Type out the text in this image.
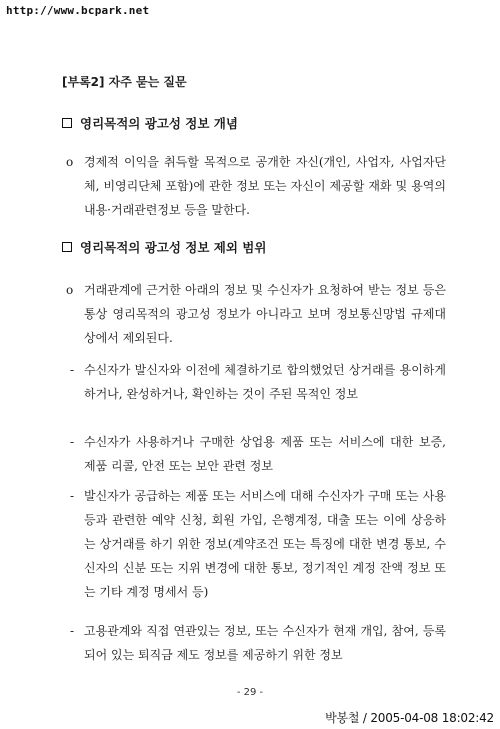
http://www.bcpark.net
[부록2] 자주 묻는 질문
영리목적의 광고성 정보 개념
o 경제적 이익을 취득할 목적으로 공개한 자신(개인, 사업자, 사업자단체, 비영리단체 포함)에 관한 정보 또는 자신이 제공할 재화 및 용역의 내용·거래관련정보 등을 말한다.
영리목적의 광고성 정보 제외 범위
o 거래관계에 근거한 아래의 정보 및 수신자가 요청하여 받는 정보 등은 통상 영리목적의 광고성 정보가 아니라고 보며 정보통신망법 규제대상에서 제외된다.
- 수신자가 발신자와 이전에 체결하기로 합의했었던 상거래를 용이하게 하거나, 완성하거나, 확인하는 것이 주된 목적인 정보
- 수신자가 사용하거나 구매한 상업용 제품 또는 서비스에 대한 보증, 제품 리콜, 안전 또는 보안 관련 정보
- 발신자가 공급하는 제품 또는 서비스에 대해 수신자가 구매 또는 사용 등과 관련한 예약 신청, 회원 가입, 은행계정, 대출 또는 이에 상응하는 상거래를 하기 위한 정보(계약조건 또는 특징에 대한 변경 통보, 수신자의 신분 또는 지위 변경에 대한 통보, 정기적인 계정 잔액 정보 또는 기타 계정 명세서 등)
- 고용관계와 직접 연관있는 정보, 또는 수신자가 현재 개입, 참여, 등록되어 있는 퇴직금 제도 정보를 제공하기 위한 정보
- 29 -
박봉철 / 2005-04-08 18:02:42
